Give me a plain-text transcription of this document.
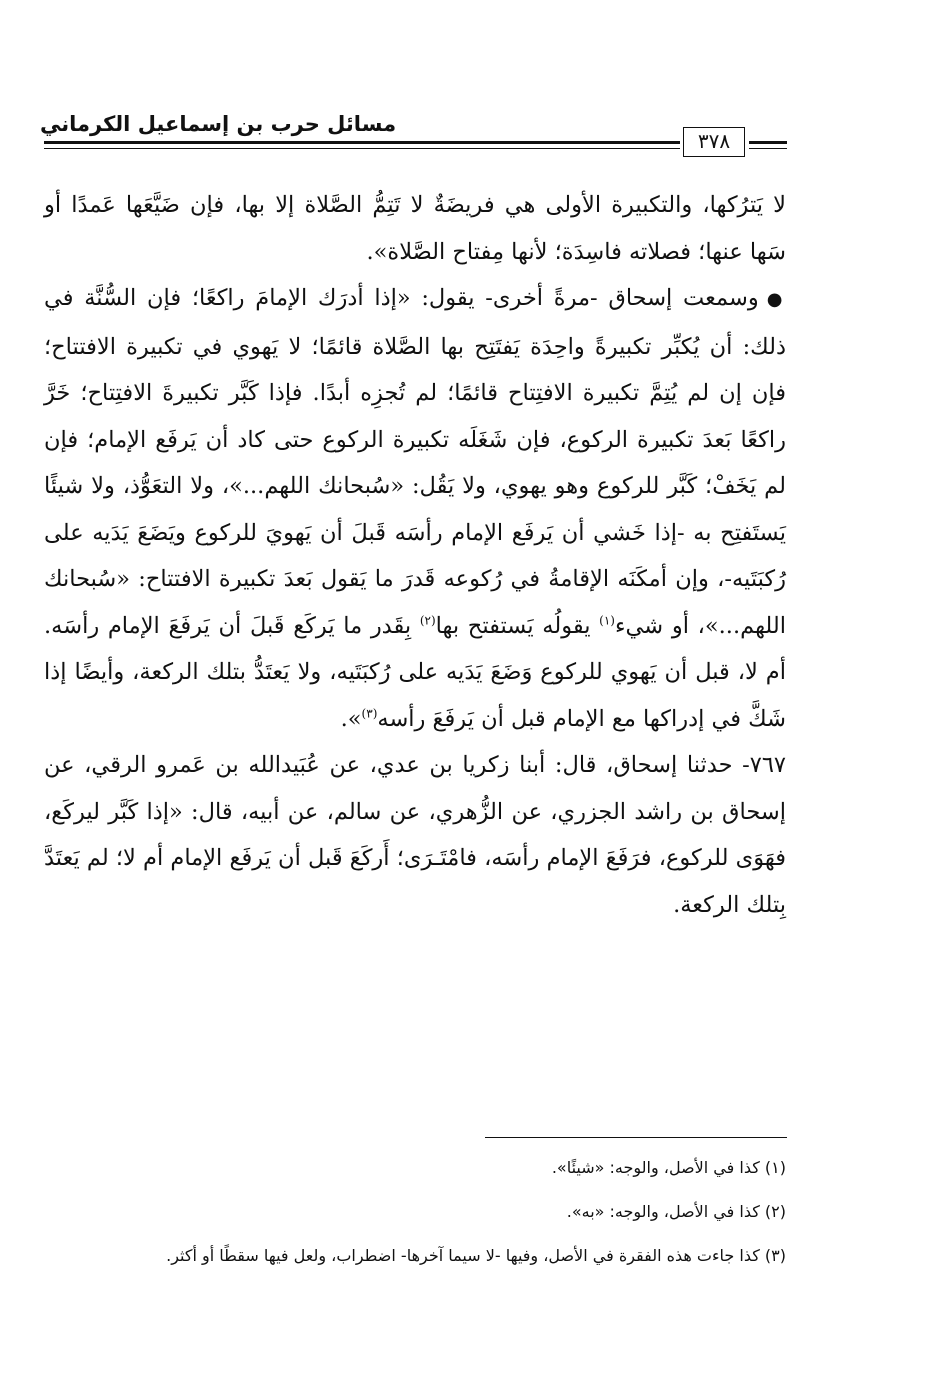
مسائل حرب بن إسماعيل الكرماني
٣٧٨

لا يَترُكها، والتكبيرة الأولى هي فريضَةٌ لا تَتِمُّ الصَّلاة إلا بها، فإن ضَيَّعَها عَمدًا أو سَها عنها؛ فصلاته فاسِدَة؛ لأنها مِفتاح الصَّلاة».

●وسمعت إسحاق -مرةً أخرى- يقول: «إذا أدرَك الإمامَ راكعًا؛ فإن السُّنَّة في ذلك: أن يُكبِّر تكبيرةً واحِدَة يَفتَتِح بها الصَّلاة قائمًا؛ لا يَهوي في تكبيرة الافتتاح؛ فإن إن لم يُتِمَّ تكبيرة الافتِتاح قائمًا؛ لم تُجزِه أبدًا. فإذا كَبَّر تكبيرةَ الافتِتاح؛ خَرَّ راكعًا بَعدَ تكبيرة الركوع، فإن شَغَلَه تكبيرة الركوع حتى كاد أن يَرفَع الإمام؛ فإن لم يَخَفْ؛ كَبَّر للركوع وهو يهوي، ولا يَقُل: «سُبحانك اللهم...»، ولا التعَوُّذ، ولا شيئًا يَستَفتِح به -إذا خَشي أن يَرفَع الإمام رأسَه قَبلَ أن يَهويَ للركوع ويَضَعَ يَدَيه على رُكبَتَيه-، وإن أمكَنَه الإقامةُ في رُكوعه قَدرَ ما يَقول بَعدَ تكبيرة الافتتاح: «سُبحانك اللهم...»، أو شيء$^{(١)}$ يقولُه يَستفتح بها$^{(٢)}$ بِقَدر ما يَركَع قَبلَ أن يَرفَعَ الإمام رأسَه. أم لا، قبل أن يَهوي للركوع وَضَعَ يَدَيه على رُكبَتَيه، ولا يَعتَدُّ بتلك الركعة، وأيضًا إذا شَكَّ في إدراكها مع الإمام قبل أن يَرفَعَ رأسه$^{(٣)}$».

٧٦٧- حدثنا إسحاق، قال: أبنا زكريا بن عدي، عن عُبَيدالله بن عَمرو الرقي، عن إسحاق بن راشد الجزري، عن الزُّهري، عن سالم، عن أبيه، قال: «إذا كَبَّر ليركَع، فهَوَى للركوع، فرَفَعَ الإمام رأسَه، فامْتَـرَى؛ أَركَعَ قَبل أن يَرفَع الإمام أم لا؛ لم يَعتَدَّ بِتلك الركعة.

(١) كذا في الأصل، والوجه: «شيئًا».

(٢) كذا في الأصل، والوجه: «به».

(٣) كذا جاءت هذه الفقرة في الأصل، وفيها -لا سيما آخرها- اضطراب، ولعل فيها سقطًا أو أكثر.
